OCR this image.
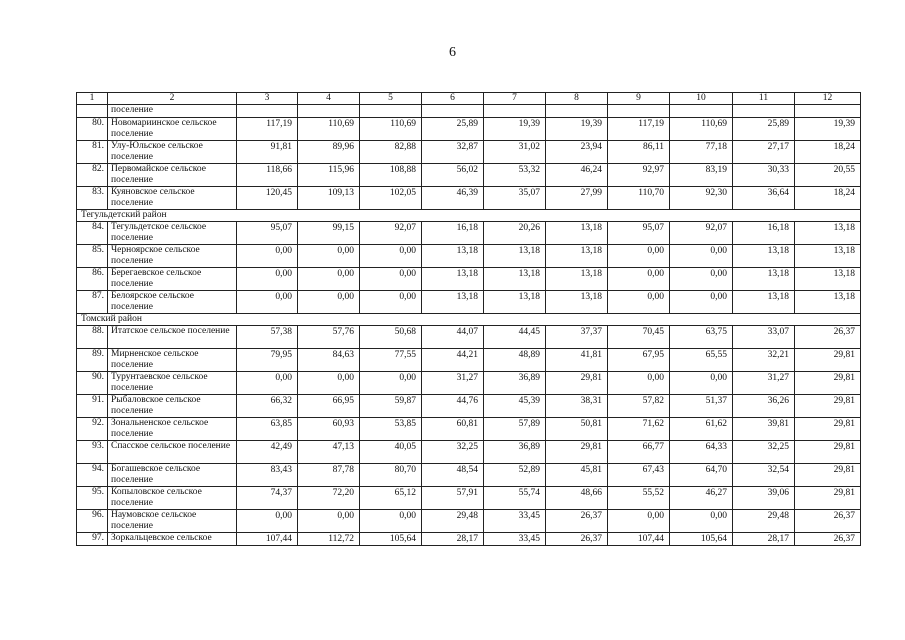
6
1	2	3	4	5	6	7	8	9	10	11	12
	поселение										
80.	Новомариинское сельское поселение	117,19	110,69	110,69	25,89	19,39	19,39	117,19	110,69	25,89	19,39
81.	Улу-Юльское сельское поселение	91,81	89,96	82,88	32,87	31,02	23,94	86,11	77,18	27,17	18,24
82.	Первомайское сельское поселение	118,66	115,96	108,88	56,02	53,32	46,24	92,97	83,19	30,33	20,55
83.	Куяновское сельское поселение	120,45	109,13	102,05	46,39	35,07	27,99	110,70	92,30	36,64	18,24
Тегульдетский район											
84.	Тегульдетское сельское поселение	95,07	99,15	92,07	16,18	20,26	13,18	95,07	92,07	16,18	13,18
85.	Черноярское сельское поселение	0,00	0,00	0,00	13,18	13,18	13,18	0,00	0,00	13,18	13,18
86.	Берегаевское сельское поселение	0,00	0,00	0,00	13,18	13,18	13,18	0,00	0,00	13,18	13,18
87.	Белоярское сельское поселение	0,00	0,00	0,00	13,18	13,18	13,18	0,00	0,00	13,18	13,18
Томский район											
88.	Итатское сельское поселение	57,38	57,76	50,68	44,07	44,45	37,37	70,45	63,75	33,07	26,37
89.	Мирненское сельское поселение	79,95	84,63	77,55	44,21	48,89	41,81	67,95	65,55	32,21	29,81
90.	Турунтаевское сельское поселение	0,00	0,00	0,00	31,27	36,89	29,81	0,00	0,00	31,27	29,81
91.	Рыбаловское сельское поселение	66,32	66,95	59,87	44,76	45,39	38,31	57,82	51,37	36,26	29,81
92.	Зональненское сельское поселение	63,85	60,93	53,85	60,81	57,89	50,81	71,62	61,62	39,81	29,81
93.	Спасское сельское поселение	42,49	47,13	40,05	32,25	36,89	29,81	66,77	64,33	32,25	29,81
94.	Богашевское сельское поселение	83,43	87,78	80,70	48,54	52,89	45,81	67,43	64,70	32,54	29,81
95.	Копыловское сельское поселение	74,37	72,20	65,12	57,91	55,74	48,66	55,52	46,27	39,06	29,81
96.	Наумовское сельское поселение	0,00	0,00	0,00	29,48	33,45	26,37	0,00	0,00	29,48	26,37
97.	Зоркальцевское сельское	107,44	112,72	105,64	28,17	33,45	26,37	107,44	105,64	28,17	26,37
